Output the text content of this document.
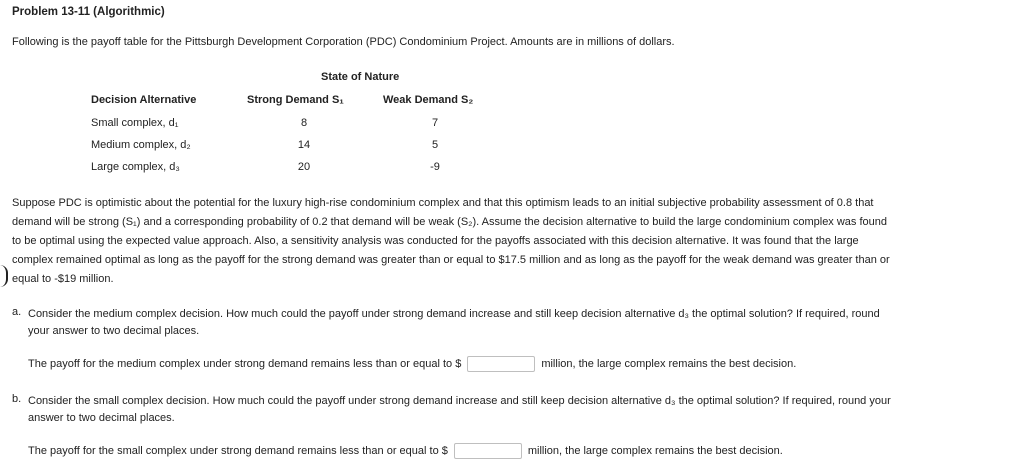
Problem 13-11 (Algorithmic)
Following is the payoff table for the Pittsburgh Development Corporation (PDC) Condominium Project. Amounts are in millions of dollars.
State of Nature
Decision Alternative	Strong Demand S₁	Weak Demand S₂
Small complex, d₁	8	7
Medium complex, d₂	14	5
Large complex, d₃	20	-9
Suppose PDC is optimistic about the potential for the luxury high-rise condominium complex and that this optimism leads to an initial subjective probability assessment of 0.8 that
demand will be strong (S₁) and a corresponding probability of 0.2 that demand will be weak (S₂). Assume the decision alternative to build the large condominium complex was found
to be optimal using the expected value approach. Also, a sensitivity analysis was conducted for the payoffs associated with this decision alternative. It was found that the large
complex remained optimal as long as the payoff for the strong demand was greater than or equal to $17.5 million and as long as the payoff for the weak demand was greater than or
equal to -$19 million.
a. Consider the medium complex decision. How much could the payoff under strong demand increase and still keep decision alternative d₃ the optimal solution? If required, round
your answer to two decimal places.
The payoff for the medium complex under strong demand remains less than or equal to $	million, the large complex remains the best decision.
b. Consider the small complex decision. How much could the payoff under strong demand increase and still keep decision alternative d₃ the optimal solution? If required, round your
answer to two decimal places.
The payoff for the small complex under strong demand remains less than or equal to $	million, the large complex remains the best decision.
